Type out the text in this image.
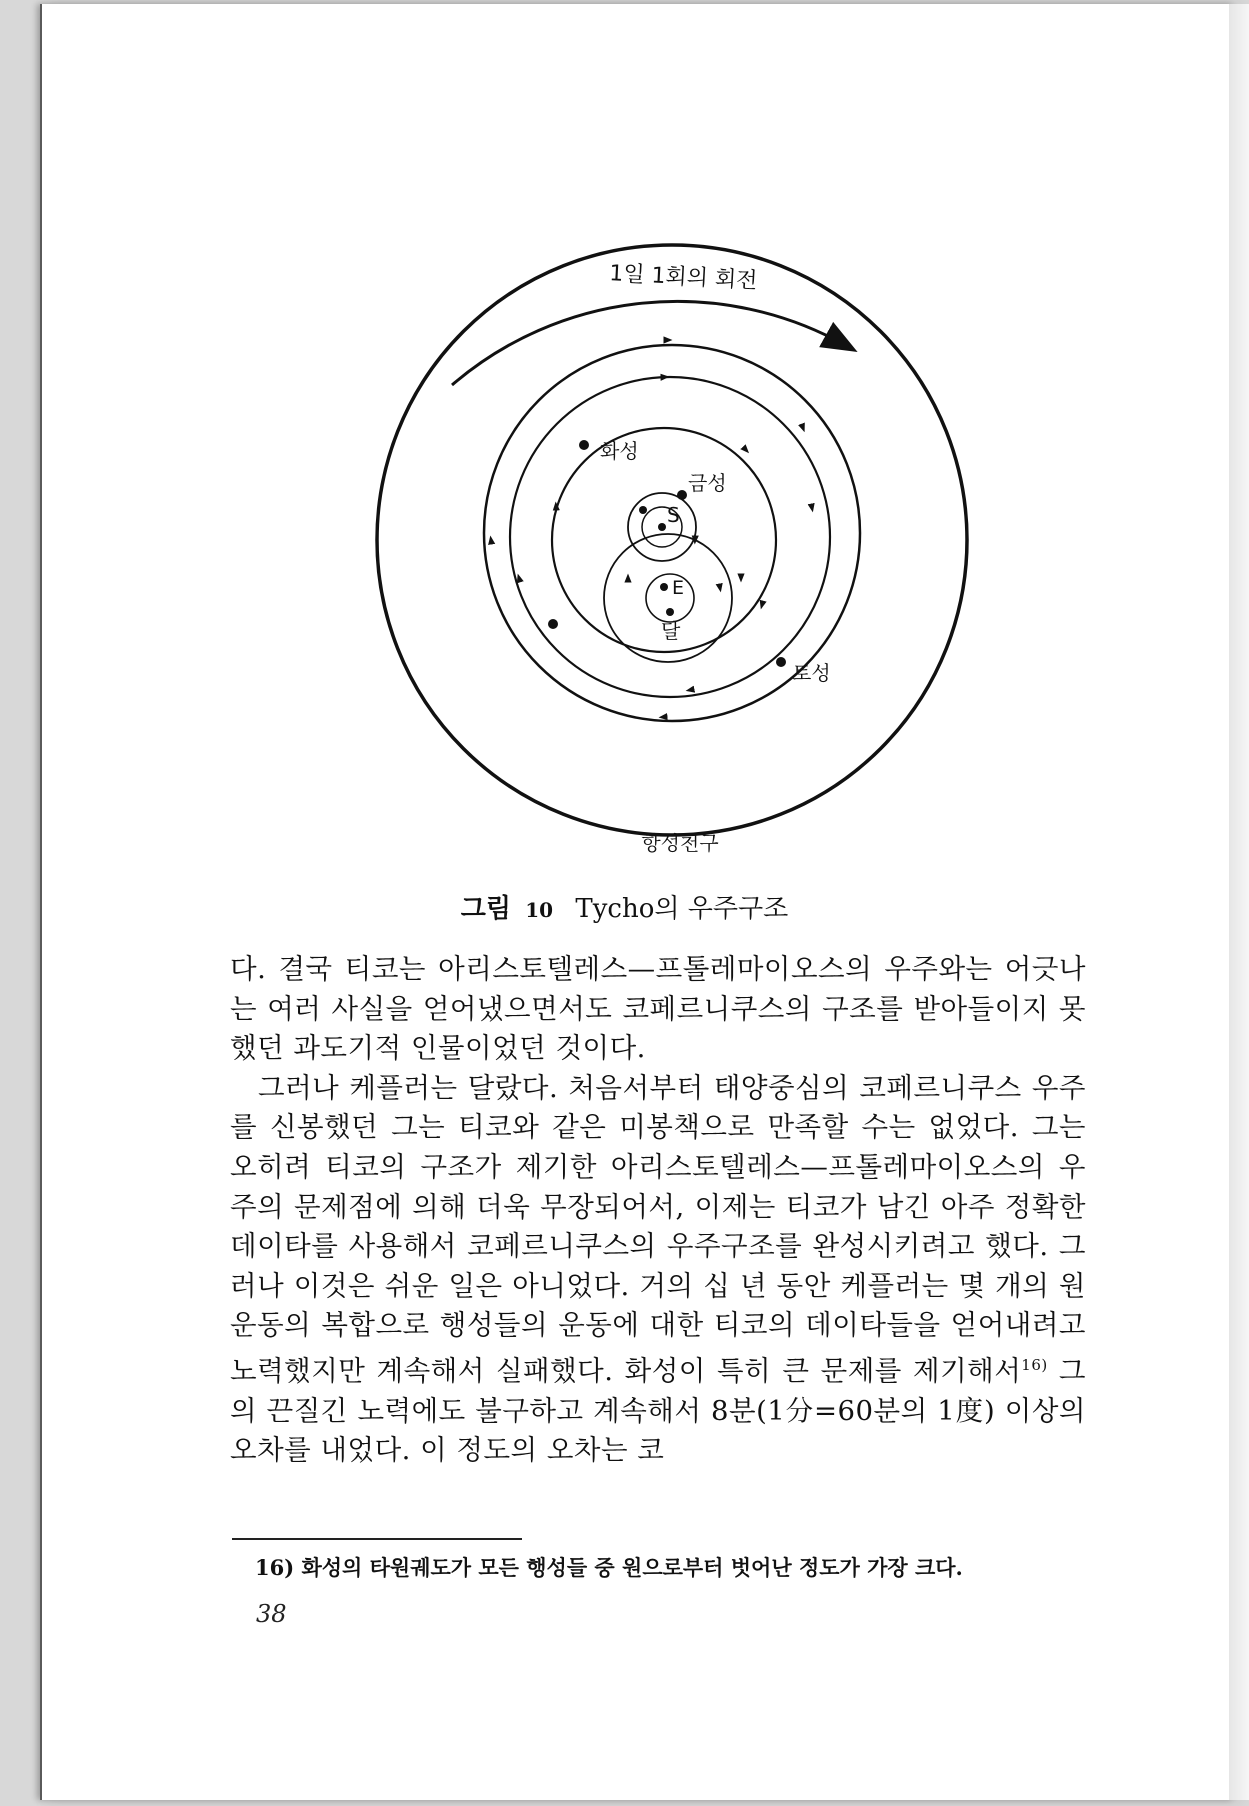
1일 1회의 회전
항성천구
화성
금성
S
E
달
토성
그림 10 Tycho의 우주구조

다. 결국 티코는 아리스토텔레스—프톨레마이오스의 우주와는 어긋나는 여러 사실을 얻어냈으면서도 코페르니쿠스의 구조를 받아들이지 못했던 과도기적 인물이었던 것이다.

그러나 케플러는 달랐다. 처음서부터 태양중심의 코페르니쿠스 우주를 신봉했던 그는 티코와 같은 미봉책으로 만족할 수는 없었다. 그는 오히려 티코의 구조가 제기한 아리스토텔레스—프톨레마이오스의 우주의 문제점에 의해 더욱 무장되어서, 이제는 티코가 남긴 아주 정확한 데이타를 사용해서 코페르니쿠스의 우주구조를 완성시키려고 했다. 그러나 이것은 쉬운 일은 아니었다. 거의 십 년 동안 케플러는 몇 개의 원운동의 복합으로 행성들의 운동에 대한 티코의 데이타들을 얻어내려고 노력했지만 계속해서 실패했다. 화성이 특히 큰 문제를 제기해서$^{16)}$ 그의 끈질긴 노력에도 불구하고 계속해서 8분(1分=60분의 1度) 이상의 오차를 내었다. 이 정도의 오차는 코

16) 화성의 타원궤도가 모든 행성들 중 원으로부터 벗어난 정도가 가장 크다.
38
